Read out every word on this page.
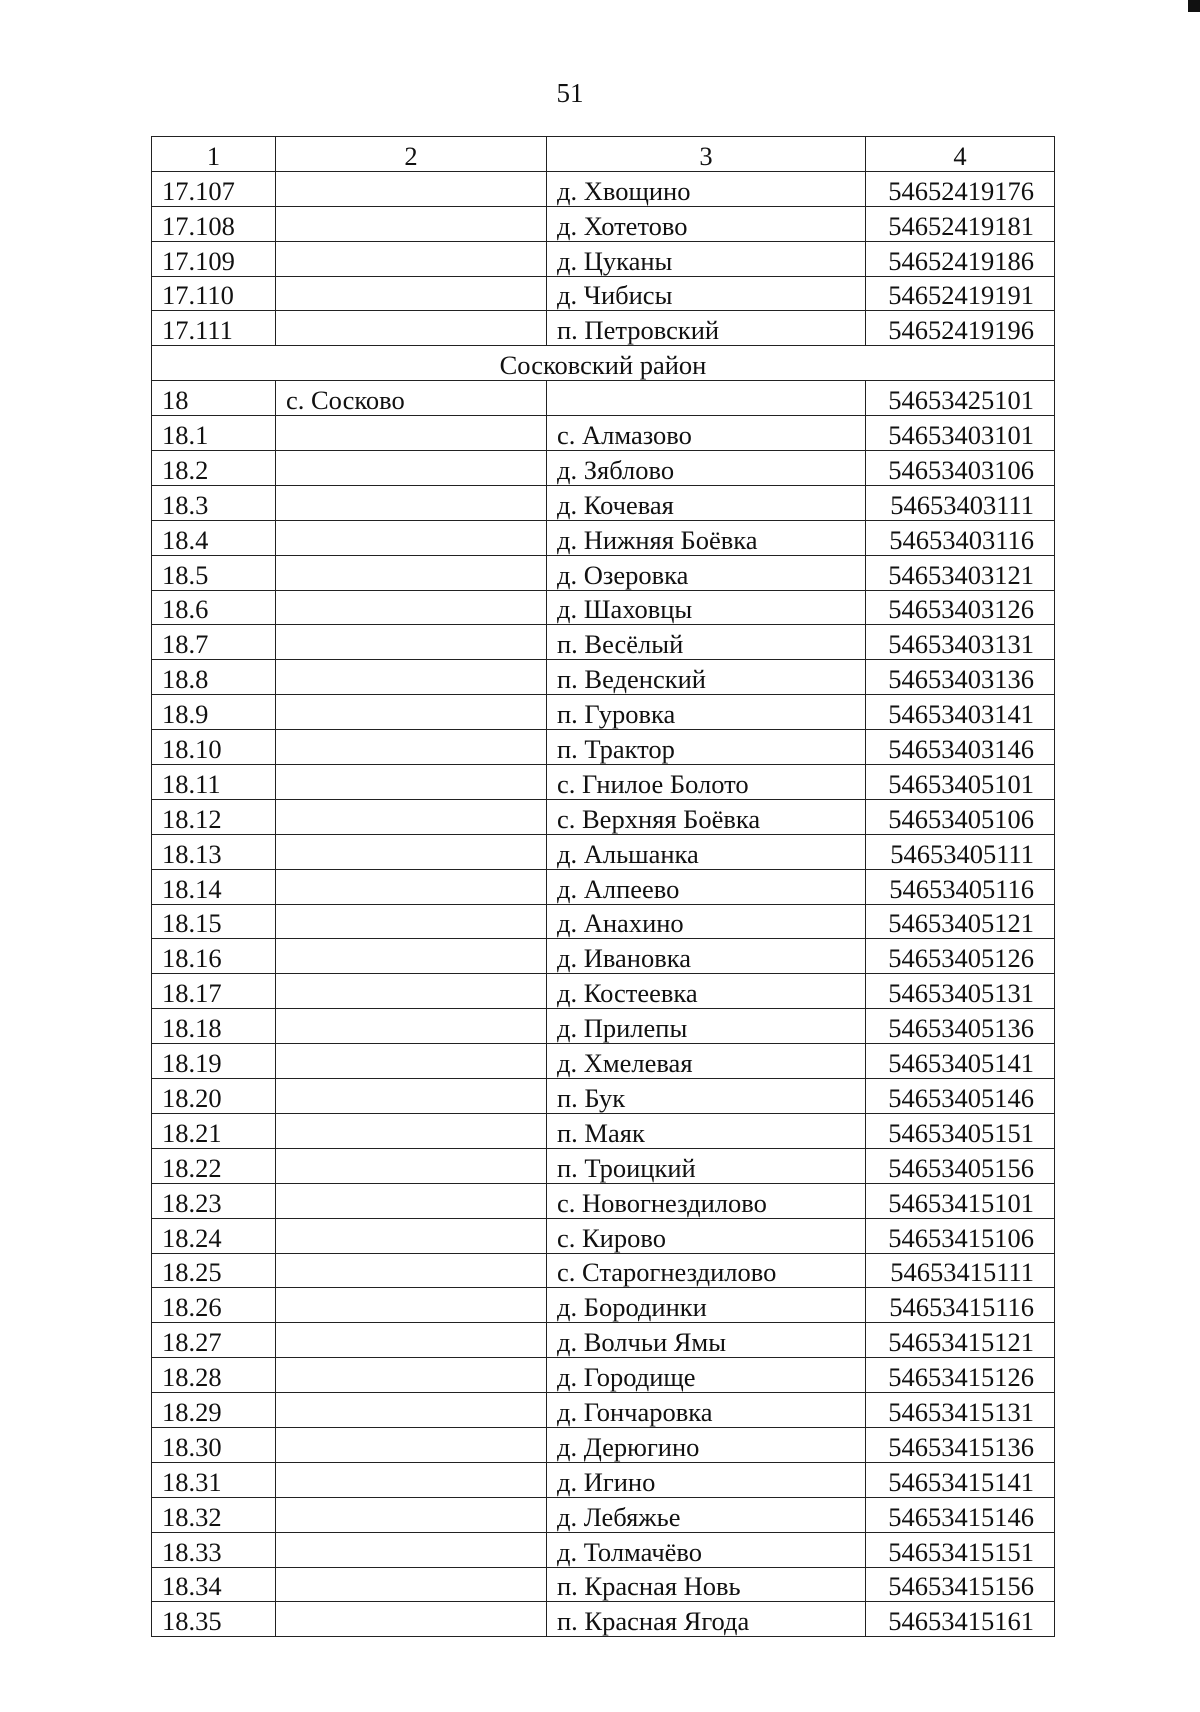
51
1	2	3	4
17.107		д. Хвощино	54652419176
17.108		д. Хотетово	54652419181
17.109		д. Цуканы	54652419186
17.110		д. Чибисы	54652419191
17.111		п. Петровский	54652419196
Сосковский район			
18	с. Сосково		54653425101
18.1		с. Алмазово	54653403101
18.2		д. Зяблово	54653403106
18.3		д. Кочевая	54653403111
18.4		д. Нижняя Боёвка	54653403116
18.5		д. Озеровка	54653403121
18.6		д. Шаховцы	54653403126
18.7		п. Весёлый	54653403131
18.8		п. Веденский	54653403136
18.9		п. Гуровка	54653403141
18.10		п. Трактор	54653403146
18.11		с. Гнилое Болото	54653405101
18.12		с. Верхняя Боёвка	54653405106
18.13		д. Альшанка	54653405111
18.14		д. Алпеево	54653405116
18.15		д. Анахино	54653405121
18.16		д. Ивановка	54653405126
18.17		д. Костеевка	54653405131
18.18		д. Прилепы	54653405136
18.19		д. Хмелевая	54653405141
18.20		п. Бук	54653405146
18.21		п. Маяк	54653405151
18.22		п. Троицкий	54653405156
18.23		с. Новогнездилово	54653415101
18.24		с. Кирово	54653415106
18.25		с. Старогнездилово	54653415111
18.26		д. Бородинки	54653415116
18.27		д. Волчьи Ямы	54653415121
18.28		д. Городище	54653415126
18.29		д. Гончаровка	54653415131
18.30		д. Дерюгино	54653415136
18.31		д. Игино	54653415141
18.32		д. Лебяжье	54653415146
18.33		д. Толмачёво	54653415151
18.34		п. Красная Новь	54653415156
18.35		п. Красная Ягода	54653415161
